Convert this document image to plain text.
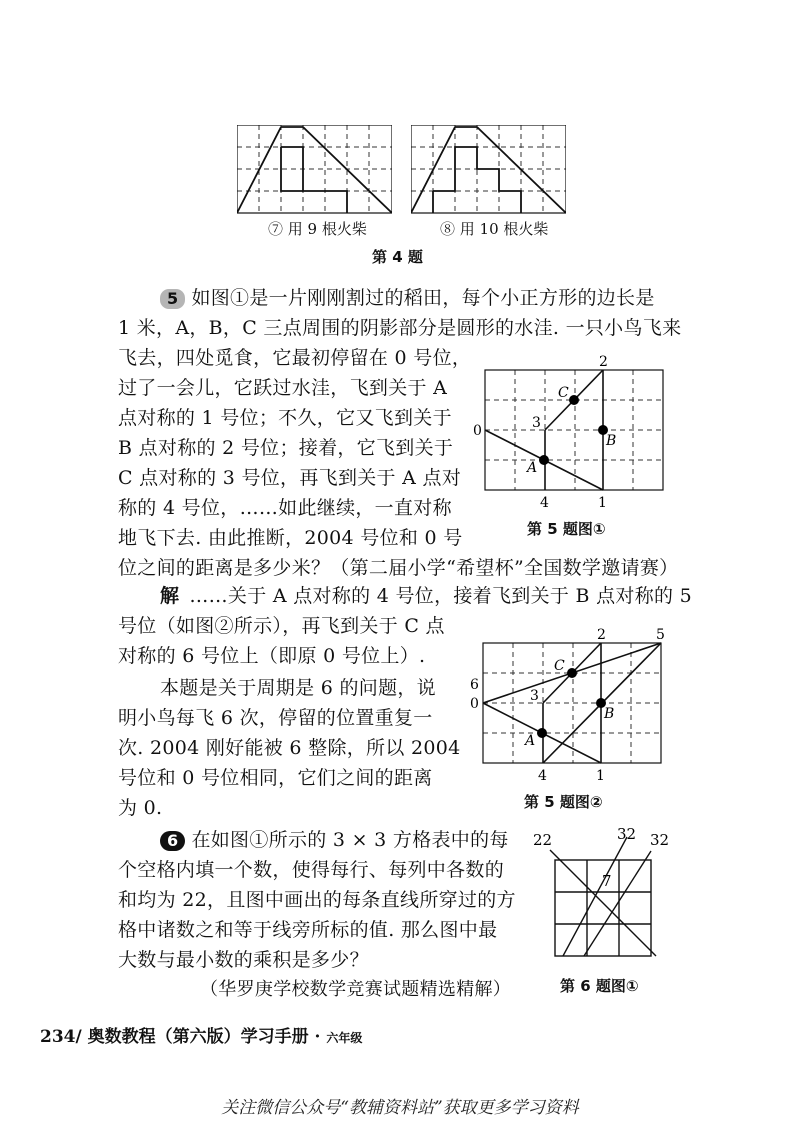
⑦ 用 9 根火柴	⑧ 用 10 根火柴
第 4 题
5 如图①是一片刚刚割过的稻田，每个小正方形的边长是
1 米，A，B，C 三点周围的阴影部分是圆形的水洼. 一只小鸟飞来
飞去，四处觅食，它最初停留在 0 号位，
过了一会儿，它跃过水洼，飞到关于 A
点对称的 1 号位；不久，它又飞到关于
B 点对称的 2 号位；接着，它飞到关于
C 点对称的 3 号位，再飞到关于 A 点对
称的 4 号位，……如此继续，一直对称
地飞下去. 由此推断，2004 号位和 0 号
位之间的距离是多少米？（第二届小学“希望杯”全国数学邀请赛）
0
2
3
4	1
A
B
C
第 5 题图①
解 ……关于 A 点对称的 4 号位，接着飞到关于 B 点对称的 5
号位（如图②所示），再飞到关于 C 点
对称的 6 号位上（即原 0 号位上）.
本题是关于周期是 6 的问题，说
明小鸟每飞 6 次，停留的位置重复一
次. 2004 刚好能被 6 整除，所以 2004
号位和 0 号位相同，它们之间的距离
为 0.
6
0
2	5
3
4	1
A
B
C
第 5 题图②
6 在如图①所示的 3 × 3 方格表中的每
个空格内填一个数，使得每行、每列中各数的
和均为 22，且图中画出的每条直线所穿过的方
格中诸数之和等于线旁所标的值. 那么图中最
大数与最小数的乘积是多少？
（华罗庚学校数学竞赛试题精选精解）
22	32 32
7
第 6 题图①
234/ 奥数教程（第六版）学习手册 · 六年级
关注微信公众号“教辅资料站”获取更多学习资料
